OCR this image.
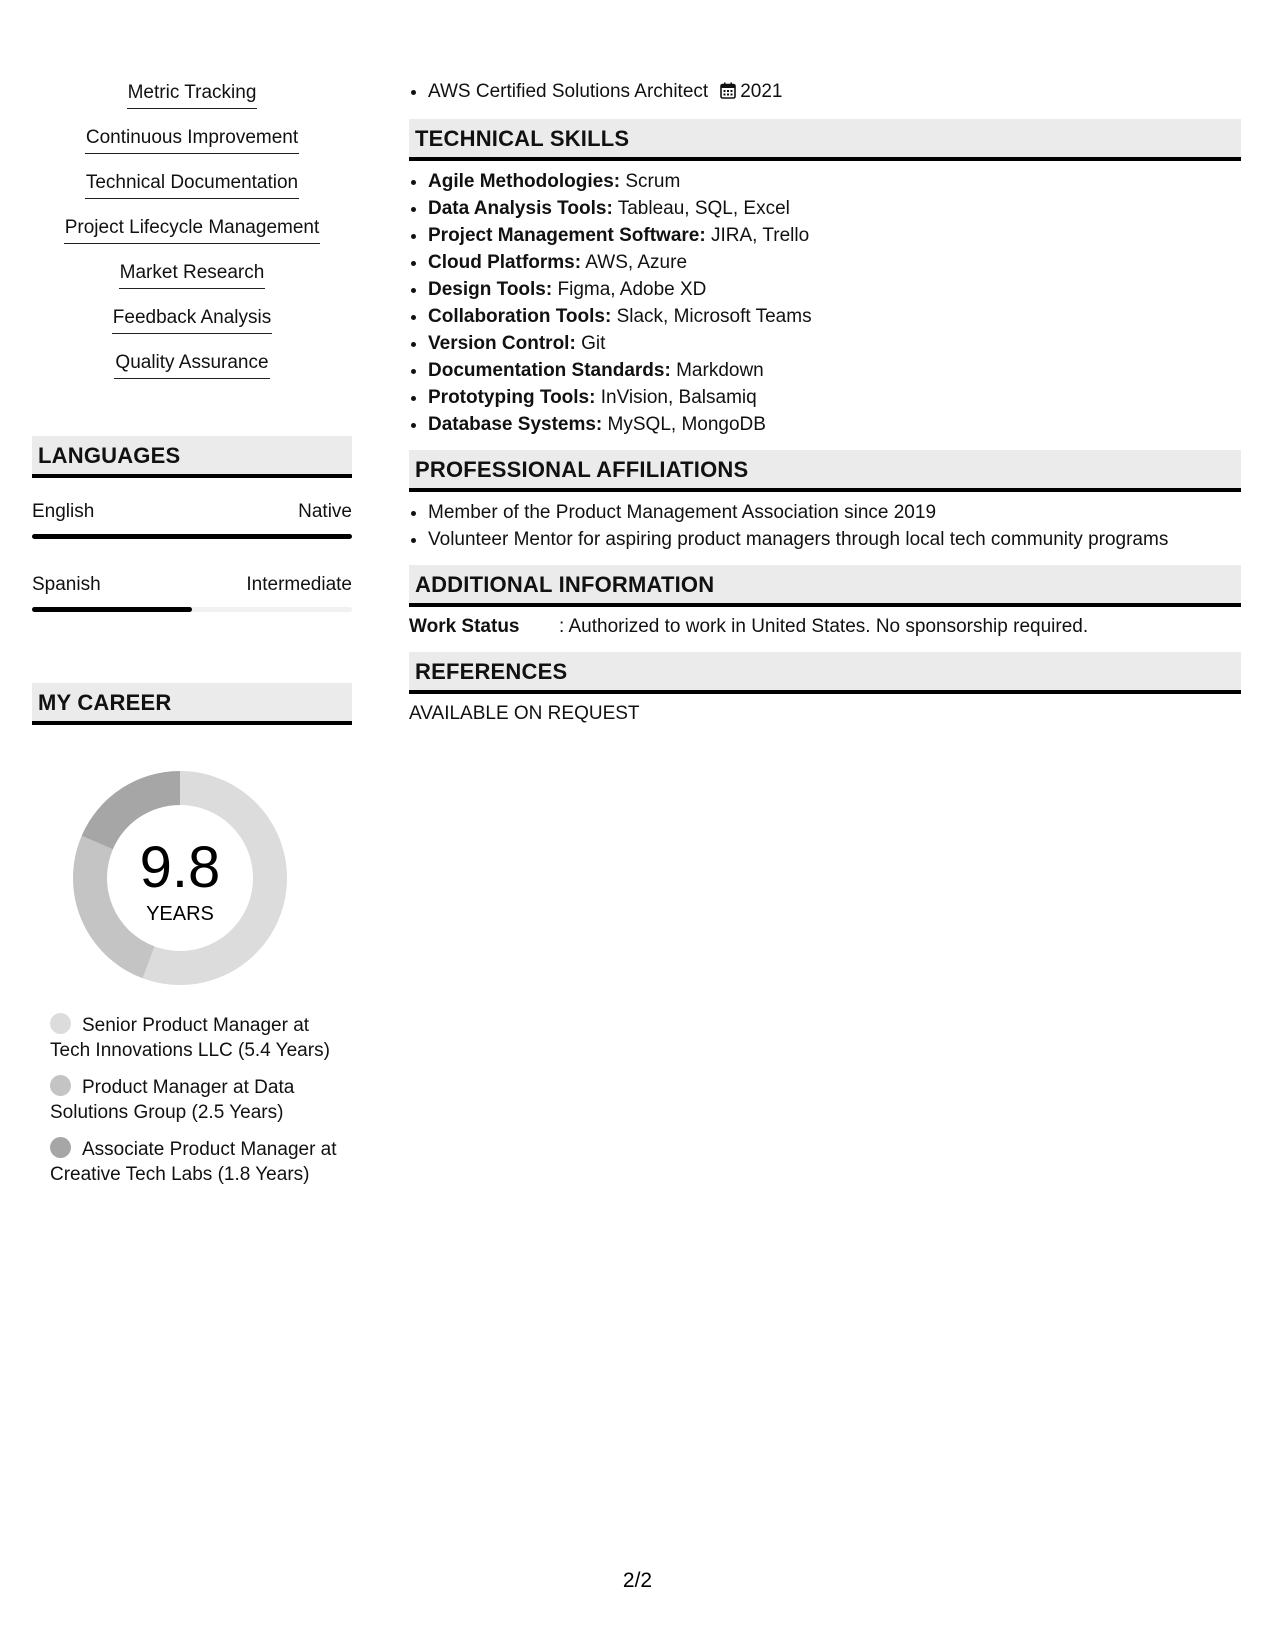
Metric Tracking
Continuous Improvement
Technical Documentation
Project Lifecycle Management
Market Research
Feedback Analysis
Quality Assurance
LANGUAGES
English	Native
Spanish	Intermediate
MY CAREER
9.8
YEARS
Senior Product Manager at Tech Innovations LLC (5.4 Years)
Product Manager at Data Solutions Group (2.5 Years)
Associate Product Manager at Creative Tech Labs (1.8 Years)
• AWS Certified Solutions Architect 2021
TECHNICAL SKILLS
• Agile Methodologies: Scrum
• Data Analysis Tools: Tableau, SQL, Excel
• Project Management Software: JIRA, Trello
• Cloud Platforms: AWS, Azure
• Design Tools: Figma, Adobe XD
• Collaboration Tools: Slack, Microsoft Teams
• Version Control: Git
• Documentation Standards: Markdown
• Prototyping Tools: InVision, Balsamiq
• Database Systems: MySQL, MongoDB
PROFESSIONAL AFFILIATIONS
• Member of the Product Management Association since 2019
• Volunteer Mentor for aspiring product managers through local tech community programs
ADDITIONAL INFORMATION
Work Status	: Authorized to work in United States. No sponsorship required.
REFERENCES
AVAILABLE ON REQUEST
2/2
